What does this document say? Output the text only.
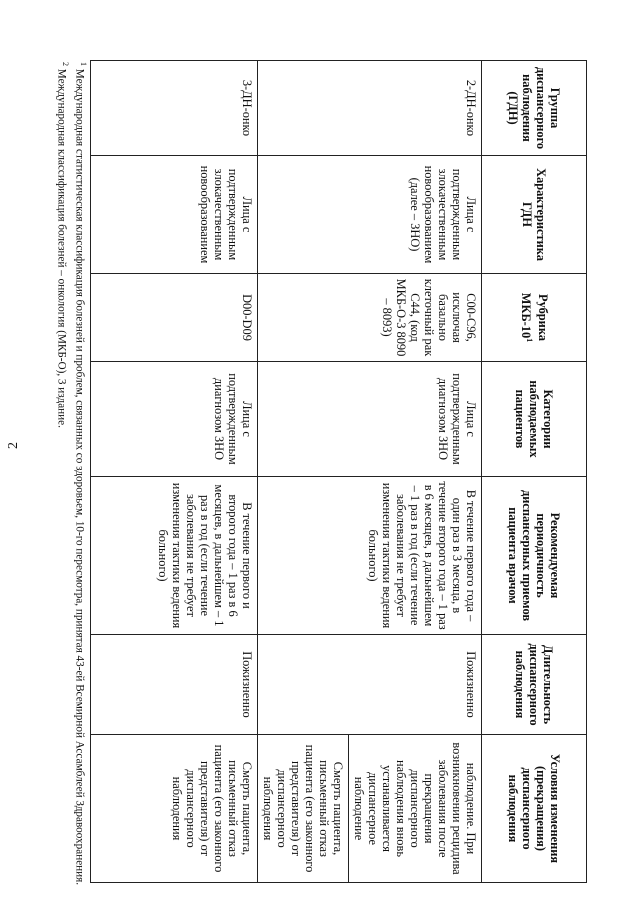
2
Группа диспансерного наблюдения (ГДН)	Характеристика ГДН	Рубрика МКБ-$10^1$	Категории наблюдаемых пациентов	Рекомендуемая периодичность диспансерных приемов пациента врачом	Длительность диспансерного наблюдения	Условия изменения (прекращения) диспансерного наблюдения
2-ДН-онко	Лица с подтвержденным злокачественным новообразованием (далее – ЗНО)	C00-C96, исключая базально клеточный рак C44, (код МКБ-О-3 8090 – 8093)	Лица с подтвержденным диагнозом ЗНО	В течение первого года – один раз в 3 месяца, в течение второго года – 1 раз в 6 месяцев, в дальнейшем – 1 раз в год (если течение заболевания не требует изменения тактики ведения больного)	Пожизненно	наблюдение. При возникновении рецидива заболевания после прекращения диспансерного наблюдения вновь устанавливается диспансерное наблюдение
Смерть пациента, письменный отказ пациента (его законного представителя) от диспансерного наблюдения

3-ДН-онко	Лица с подтвержденным злокачественным новообразованием	D00-D09	Лица с подтвержденным диагнозом ЗНО	В течение первого и второго года – 1 раз в 6 месяцев, в дальнейшем – 1 раз в год (если течение заболевания не требует изменения тактики ведения больного)	Пожизненно	Смерть пациента, письменный отказ пациента (его законного представителя) от диспансерного наблюдения
$^1$ Международная статистическая классификация болезней и проблем, связанных со здоровьем, 10-го пересмотра, принятая 43-ей Всемирной Ассамблеей Здравоохранения.
$^2$ Международная классификация болезней – онкология (МКБ-О), 3 издание.
